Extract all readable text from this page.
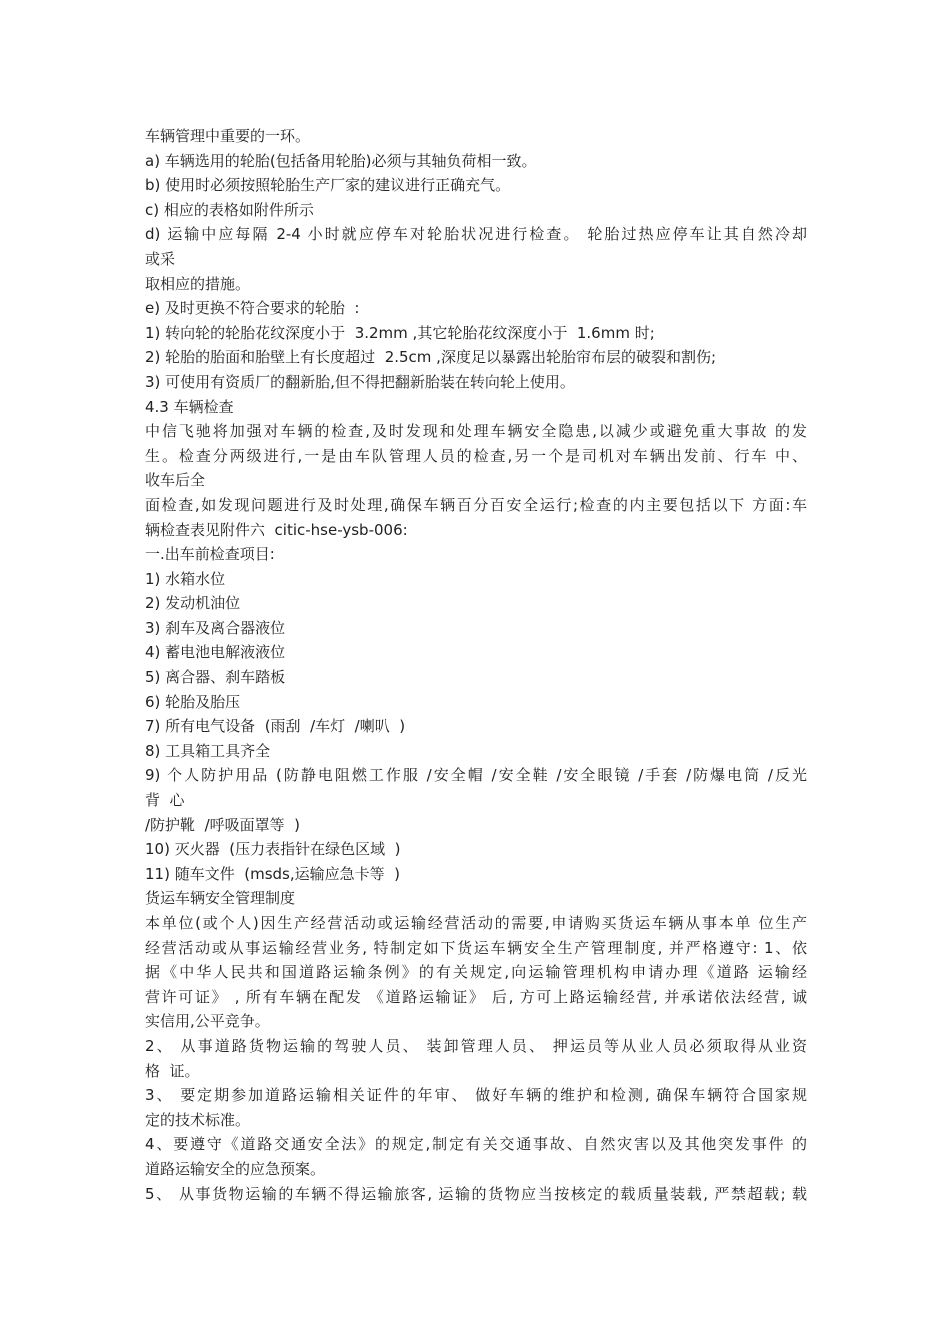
车辆管理中重要的一环。

a) 车辆选用的轮胎(包括备用轮胎)必须与其轴负荷相一致。

b) 使用时必须按照轮胎生产厂家的建议进行正确充气。

c) 相应的表格如附件所示

d) 运输中应每隔 2-4 小时就应停车对轮胎状况进行检查。 轮胎过热应停车让其自然冷却

或采

取相应的措施。

e) 及时更换不符合要求的轮胎  :

1) 转向轮的轮胎花纹深度小于  3.2mm ,其它轮胎花纹深度小于  1.6mm 时;

2) 轮胎的胎面和胎壁上有长度超过  2.5cm ,深度足以暴露出轮胎帘布层的破裂和割伤;

3) 可使用有资质厂的翻新胎,但不得把翻新胎装在转向轮上使用。

4.3 车辆检查

中信飞驰将加强对车辆的检查,及时发现和处理车辆安全隐患,以减少或避免重大事故 的发

生。检查分两级进行,一是由车队管理人员的检查,另一个是司机对车辆出发前、行车 中、

收车后全

面检查,如发现问题进行及时处理,确保车辆百分百安全运行;检查的内主要包括以下 方面:车

辆检查表见附件六  citic-hse-ysb-006:

一.出车前检查项目:

1) 水箱水位

2) 发动机油位

3) 刹车及离合器液位

4) 蓄电池电解液液位

5) 离合器、刹车踏板

6) 轮胎及胎压

7) 所有电气设备  (雨刮  /车灯  /喇叭  )

8) 工具箱工具齐全

9) 个人防护用品 (防静电阻燃工作服 /安全帽 /安全鞋 /安全眼镜 /手套 /防爆电筒 /反光

背  心

/防护靴  /呼吸面罩等  )

10) 灭火器  (压力表指针在绿色区域  )

11) 随车文件  (msds,运输应急卡等  )

货运车辆安全管理制度

本单位(或个人)因生产经营活动或运输经营活动的需要,申请购买货运车辆从事本单 位生产

经营活动或从事运输经营业务, 特制定如下货运车辆安全生产管理制度, 并严格遵守: 1、依

据《中华人民共和国道路运输条例》的有关规定,向运输管理机构申请办理《道路 运输经

营许可证》 , 所有车辆在配发 《道路运输证》 后, 方可上路运输经营, 并承诺依法经营, 诚

实信用,公平竞争。

2、 从事道路货物运输的驾驶人员、 装卸管理人员、 押运员等从业人员必须取得从业资

格  证。

3、 要定期参加道路运输相关证件的年审、 做好车辆的维护和检测, 确保车辆符合国家规

定的技术标准。

4、要遵守《道路交通安全法》的规定,制定有关交通事故、自然灾害以及其他突发事件 的

道路运输安全的应急预案。

5、 从事货物运输的车辆不得运输旅客, 运输的货物应当按核定的载质量装载, 严禁超载; 载
